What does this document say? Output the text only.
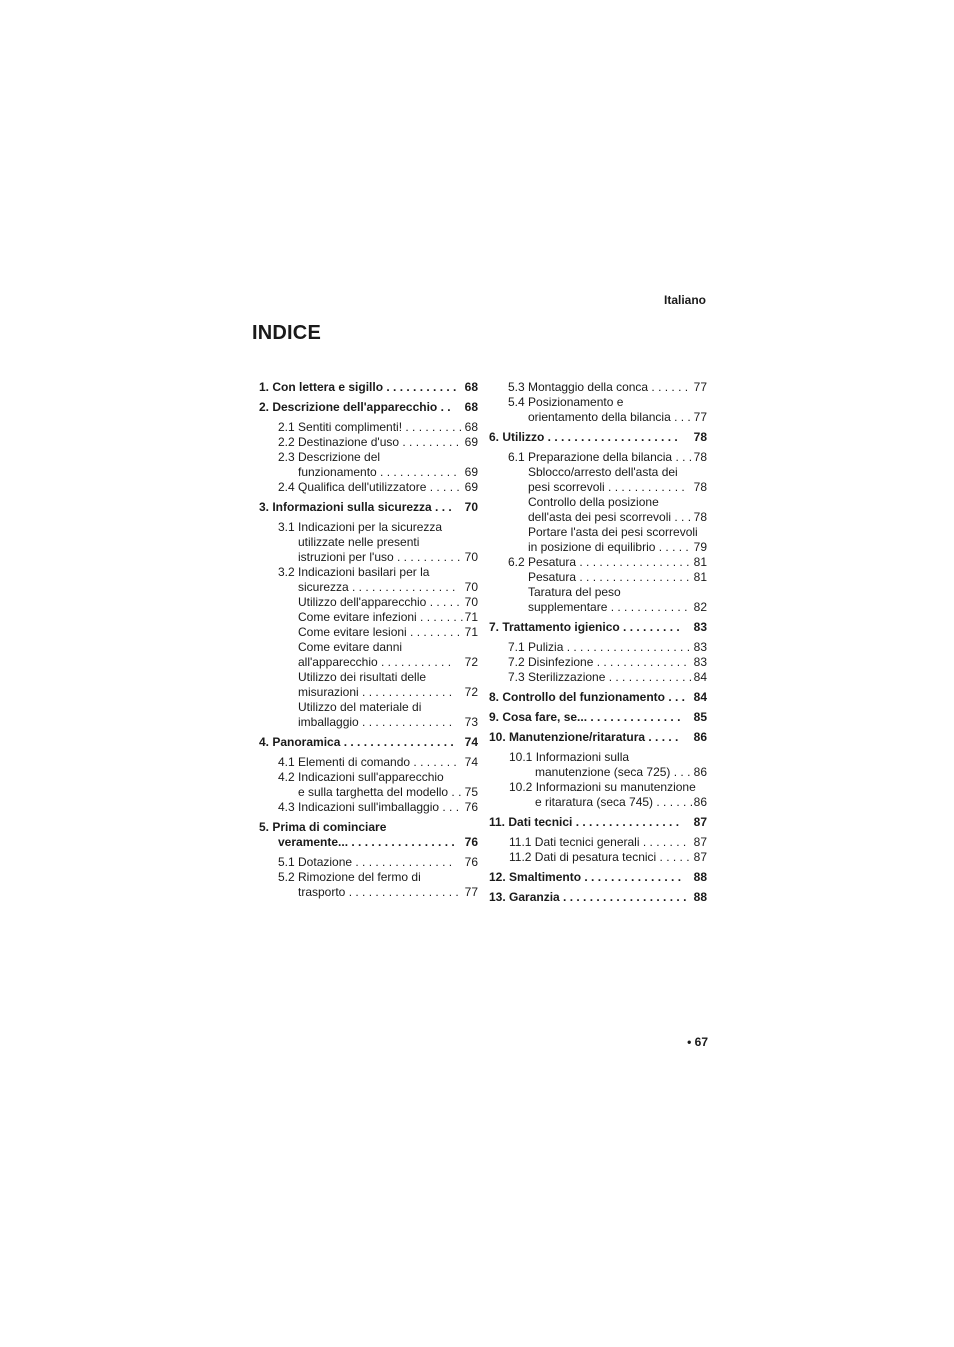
Italiano
INDICE
1. Con lettera e sigillo . . . . . . . . . . . 68
2. Descrizione dell'apparecchio . . 68
2.1 Sentiti complimenti! . . . . . . . . . 68
2.2 Destinazione d'uso . . . . . . . . . 69
2.3 Descrizione del
funzionamento . . . . . . . . . . . . 69
2.4 Qualifica dell'utilizzatore . . . . . 69
3. Informazioni sulla sicurezza . . . 70
3.1 Indicazioni per la sicurezza
utilizzate nelle presenti
istruzioni per l'uso . . . . . . . . . . 70
3.2 Indicazioni basilari per la
sicurezza . . . . . . . . . . . . . . . . 70
Utilizzo dell'apparecchio . . . . . 70
Come evitare infezioni . . . . . . . 71
Come evitare lesioni . . . . . . . . 71
Come evitare danni
all'apparecchio . . . . . . . . . . . 72
Utilizzo dei risultati delle
misurazioni . . . . . . . . . . . . . . 72
Utilizzo del materiale di
imballaggio . . . . . . . . . . . . . . 73
4. Panoramica . . . . . . . . . . . . . . . . . 74
4.1 Elementi di comando . . . . . . . 74
4.2 Indicazioni sull'apparecchio
e sulla targhetta del modello . . 75
4.3 Indicazioni sull'imballaggio . . . 76
5. Prima di cominciare
veramente... . . . . . . . . . . . . . . . . 76
5.1 Dotazione . . . . . . . . . . . . . . . 76
5.2 Rimozione del fermo di
trasporto . . . . . . . . . . . . . . . . . 77
5.3 Montaggio della conca . . . . . . 77
5.4 Posizionamento e
orientamento della bilancia . . . 77
6. Utilizzo . . . . . . . . . . . . . . . . . . . . 78
6.1 Preparazione della bilancia . . . 78
Sblocco/arresto dell'asta dei
pesi scorrevoli . . . . . . . . . . . . 78
Controllo della posizione
dell'asta dei pesi scorrevoli . . . 78
Portare l'asta dei pesi scorrevoli
in posizione di equilibrio . . . . . 79
6.2 Pesatura . . . . . . . . . . . . . . . . . 81
Pesatura . . . . . . . . . . . . . . . . . 81
Taratura del peso
supplementare . . . . . . . . . . . . 82
7. Trattamento igienico . . . . . . . . . 83
7.1 Pulizia . . . . . . . . . . . . . . . . . . . 83
7.2 Disinfezione . . . . . . . . . . . . . . 83
7.3 Sterilizzazione . . . . . . . . . . . . . 84
8. Controllo del funzionamento . . . 84
9. Cosa fare, se... . . . . . . . . . . . . . . 85
10. Manutenzione/ritaratura . . . . . 86
10.1 Informazioni sulla
manutenzione (seca 725) . . . 86
10.2 Informazioni su manutenzione
e ritaratura (seca 745) . . . . . . 86
11. Dati tecnici . . . . . . . . . . . . . . . . 87
11.1 Dati tecnici generali . . . . . . . 87
11.2 Dati di pesatura tecnici . . . . . 87
12. Smaltimento . . . . . . . . . . . . . . . 88
13. Garanzia . . . . . . . . . . . . . . . . . . . 88
• 67
